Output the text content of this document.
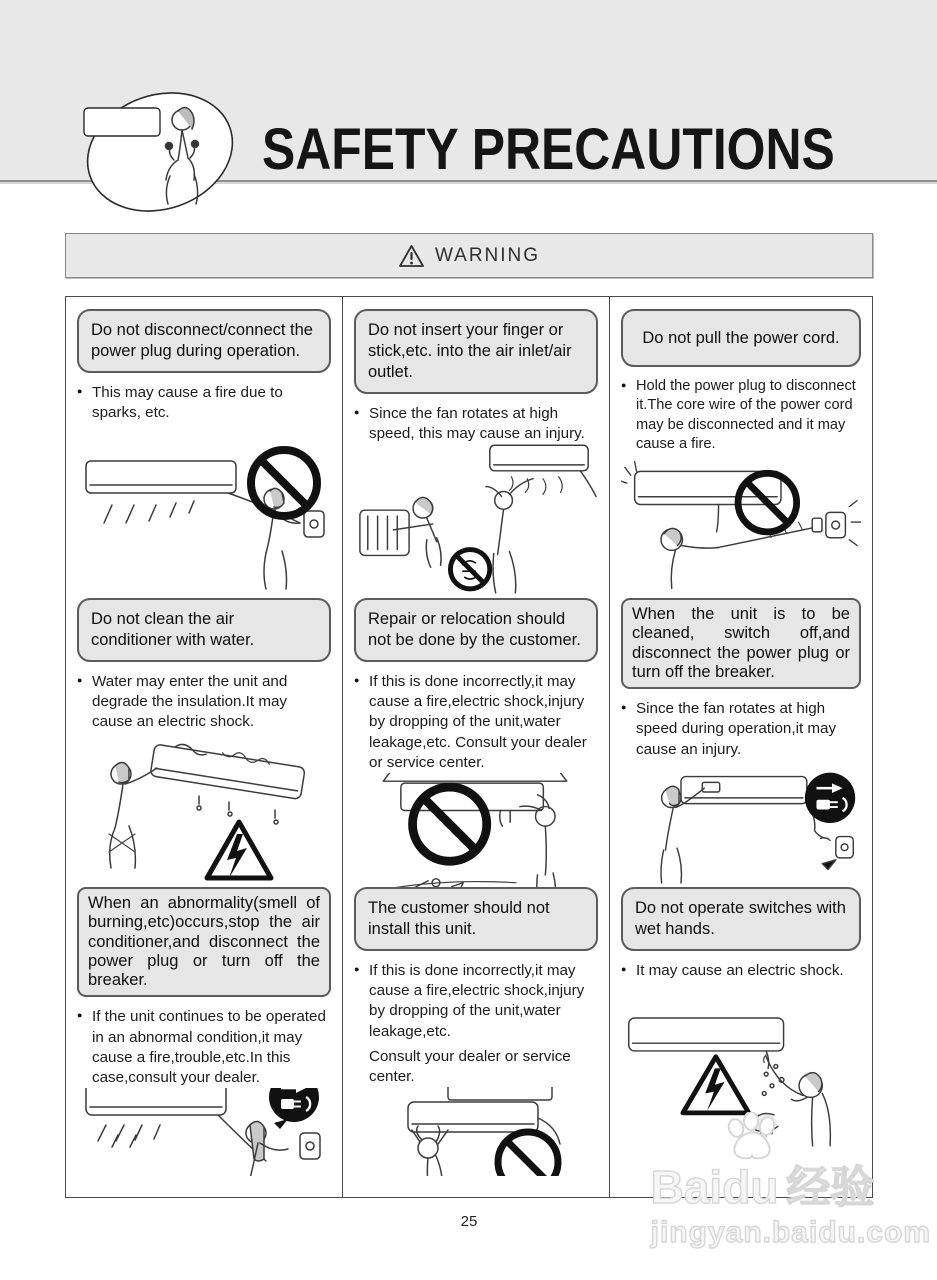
SAFETY PRECAUTIONS
WARNING
Do not disconnect/connect the power plug during operation.
● This may cause a fire due to sparks, etc.
Do not clean the air conditioner with water.
● Water may enter the unit and degrade the insulation.It may cause an electric shock.
When an abnormality(smell of burning,etc)occurs,stop the air conditioner,and disconnect the power plug or turn off the breaker.
● If the unit continues to be operated in an abnormal condition,it may cause a fire,trouble,etc.In this case,consult your dealer.
Do not insert your finger or stick,etc. into the air inlet/air outlet.
● Since the fan rotates at high speed, this may cause an injury.
Repair or relocation should not be done by the customer.
● If this is done incorrectly,it may cause a fire,electric shock,injury by dropping of the unit,water leakage,etc. Consult your dealer or service center.
The customer should not install this unit.
● If this is done incorrectly,it may cause a fire,electric shock,injury by dropping of the unit,water leakage,etc.
Consult your dealer or service center.
Do not pull the power cord.
● Hold the power plug to disconnect it.The core wire of the power cord may be disconnected and it may cause a fire.
When the unit is to be cleaned, switch off,and disconnect the power plug or turn off the breaker.
● Since the fan rotates at high speed during operation,it may cause an injury.
Do not operate switches with wet hands.
● It may cause an electric shock.
25
Bai du 经验
jingyan.baidu.com
